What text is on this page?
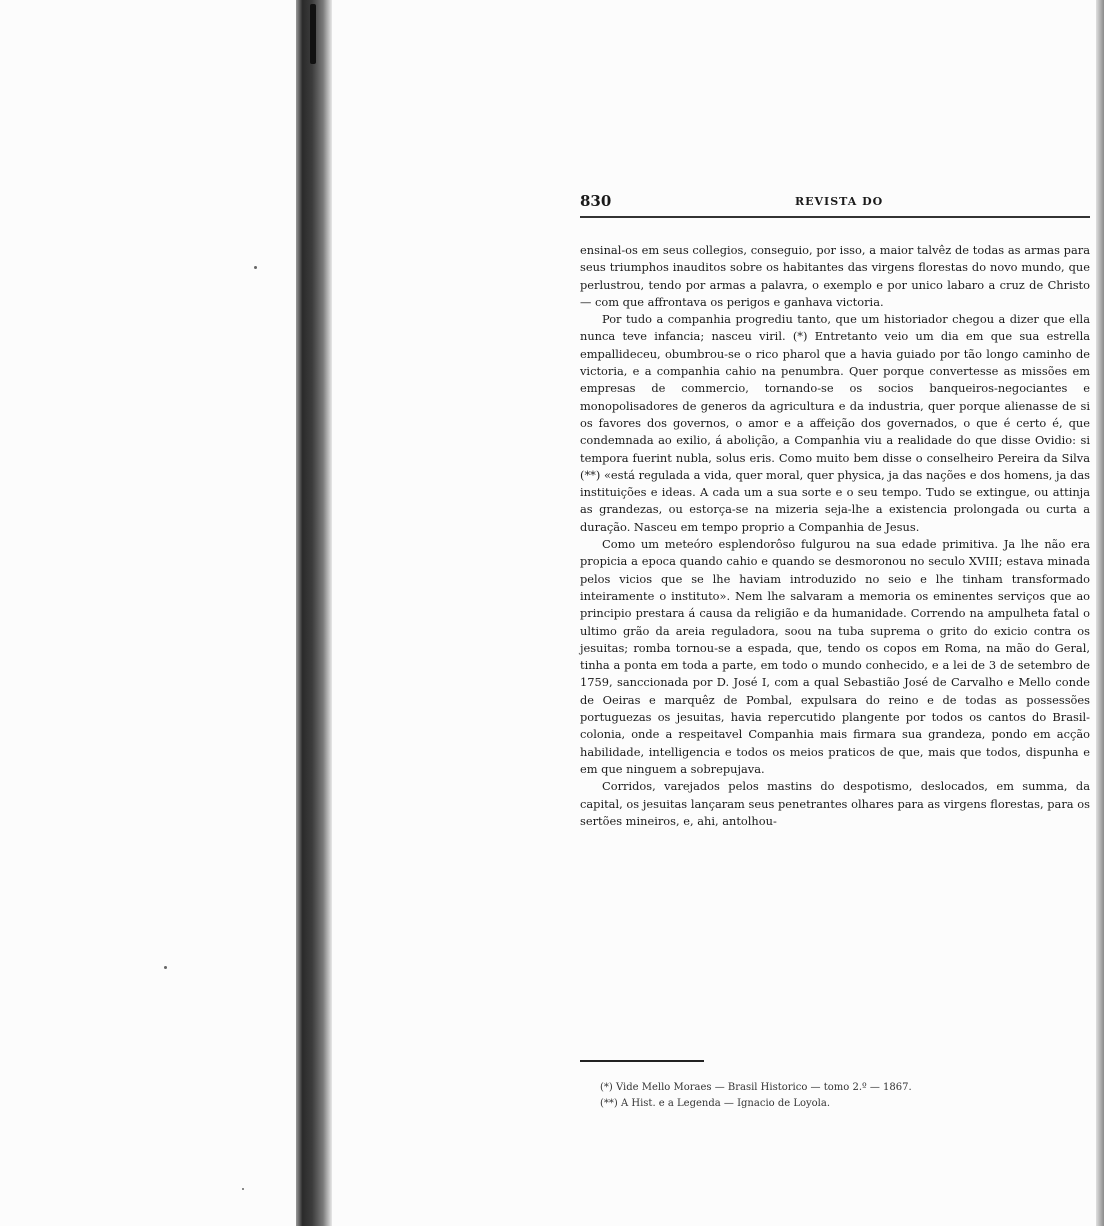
830	REVISTA DO

ensinal-os em seus collegios, conseguio, por isso, a maior talvêz de todas as armas para seus triumphos inauditos sobre os habitantes das virgens florestas do novo mundo, que perlustrou, tendo por armas a palavra, o exemplo e por unico labaro a cruz de Christo — com que affrontava os perigos e ganhava victoria.

Por tudo a companhia progrediu tanto, que um historiador chegou a dizer que ella nunca teve infancia; nasceu viril. (*) Entretanto veio um dia em que sua estrella empallideceu, obumbrou-se o rico pharol que a havia guiado por tão longo caminho de victoria, e a companhia cahio na penumbra. Quer porque convertesse as missões em empresas de commercio, tornando-se os socios banqueiros-negociantes e monopolisadores de generos da agricultura e da industria, quer porque alienasse de si os favores dos governos, o amor e a affeição dos governados, o que é certo é, que condemnada ao exilio, á abolição, a Companhia viu a realidade do que disse Ovidio: si tempora fuerint nubla, solus eris. Como muito bem disse o conselheiro Pereira da Silva (**) «está regulada a vida, quer moral, quer physica, ja das nações e dos homens, ja das instituições e ideas. A cada um a sua sorte e o seu tempo. Tudo se extingue, ou attinja as grandezas, ou estorça-se na mizeria seja-lhe a existencia prolongada ou curta a duração. Nasceu em tempo proprio a Companhia de Jesus.

Como um meteóro esplendorôso fulgurou na sua edade primitiva. Ja lhe não era propicia a epoca quando cahio e quando se desmoronou no seculo XVIII; estava minada pelos vicios que se lhe haviam introduzido no seio e lhe tinham transformado inteiramente o instituto». Nem lhe salvaram a memoria os eminentes serviços que ao principio prestara á causa da religião e da humanidade. Correndo na ampulheta fatal o ultimo grão da areia reguladora, soou na tuba suprema o grito do exicio contra os jesuitas; romba tornou-se a espada, que, tendo os copos em Roma, na mão do Geral, tinha a ponta em toda a parte, em todo o mundo conhecido, e a lei de 3 de setembro de 1759, sanccionada por D. José I, com a qual Sebastião José de Carvalho e Mello conde de Oeiras e marquêz de Pombal, expulsara do reino e de todas as possessões portuguezas os jesuitas, havia repercutido plangente por todos os cantos do Brasil-colonia, onde a respeitavel Companhia mais firmara sua grandeza, pondo em acção habilidade, intelligencia e todos os meios praticos de que, mais que todos, dispunha e em que ninguem a sobrepujava.

Corridos, varejados pelos mastins do despotismo, deslocados, em summa, da capital, os jesuitas lançaram seus penetrantes olhares para as virgens florestas, para os sertões mineiros, e, ahi, antolhou-

(*) Vide Mello Moraes — Brasil Historico — tomo 2.º — 1867.

(**) A Hist. e a Legenda — Ignacio de Loyola.
